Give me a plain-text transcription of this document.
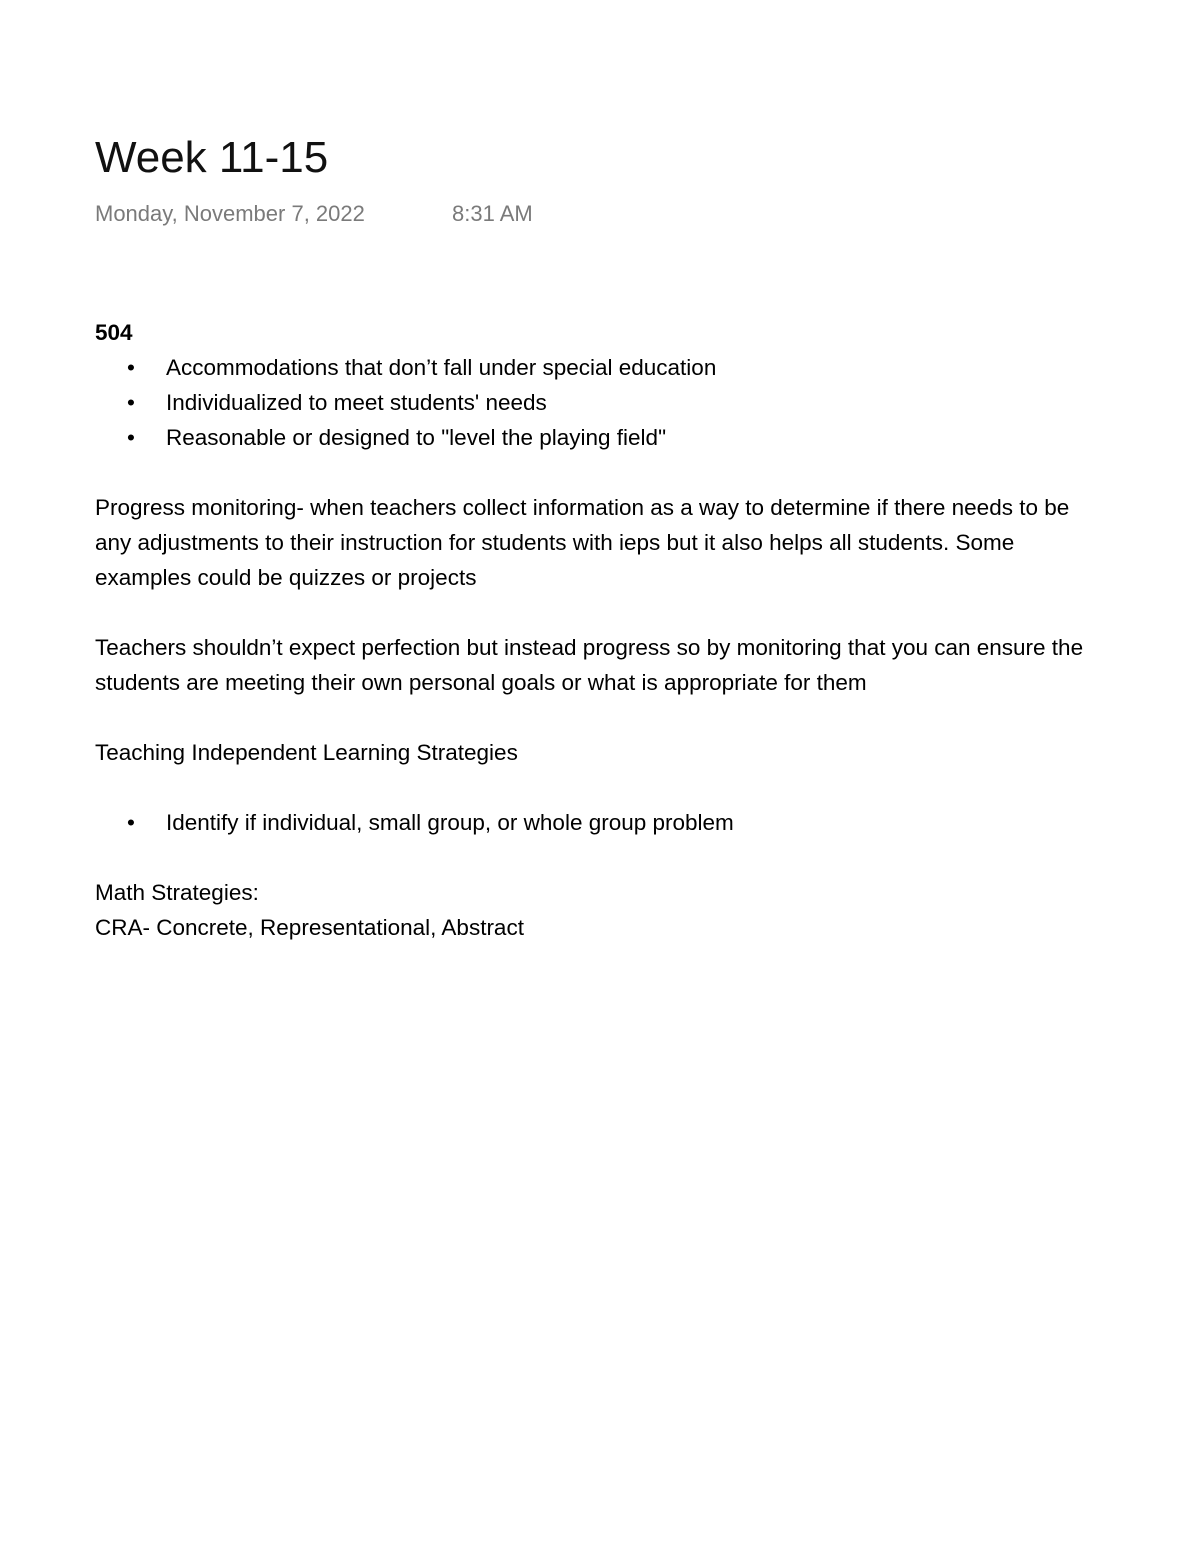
Week 11-15
Monday, November 7, 2022	8:31 AM

504

• Accommodations that don’t fall under special education
• Individualized to meet students' needs
• Reasonable or designed to "level the playing field"

Progress monitoring- when teachers collect information as a way to determine if there needs to be any adjustments to their instruction for students with ieps but it also helps all students. Some examples could be quizzes or projects

Teachers shouldn’t expect perfection but instead progress so by monitoring that you can ensure the students are meeting their own personal goals or what is appropriate for them

Teaching Independent Learning Strategies

• Identify if individual, small group, or whole group problem

Math Strategies:

CRA- Concrete, Representational, Abstract
